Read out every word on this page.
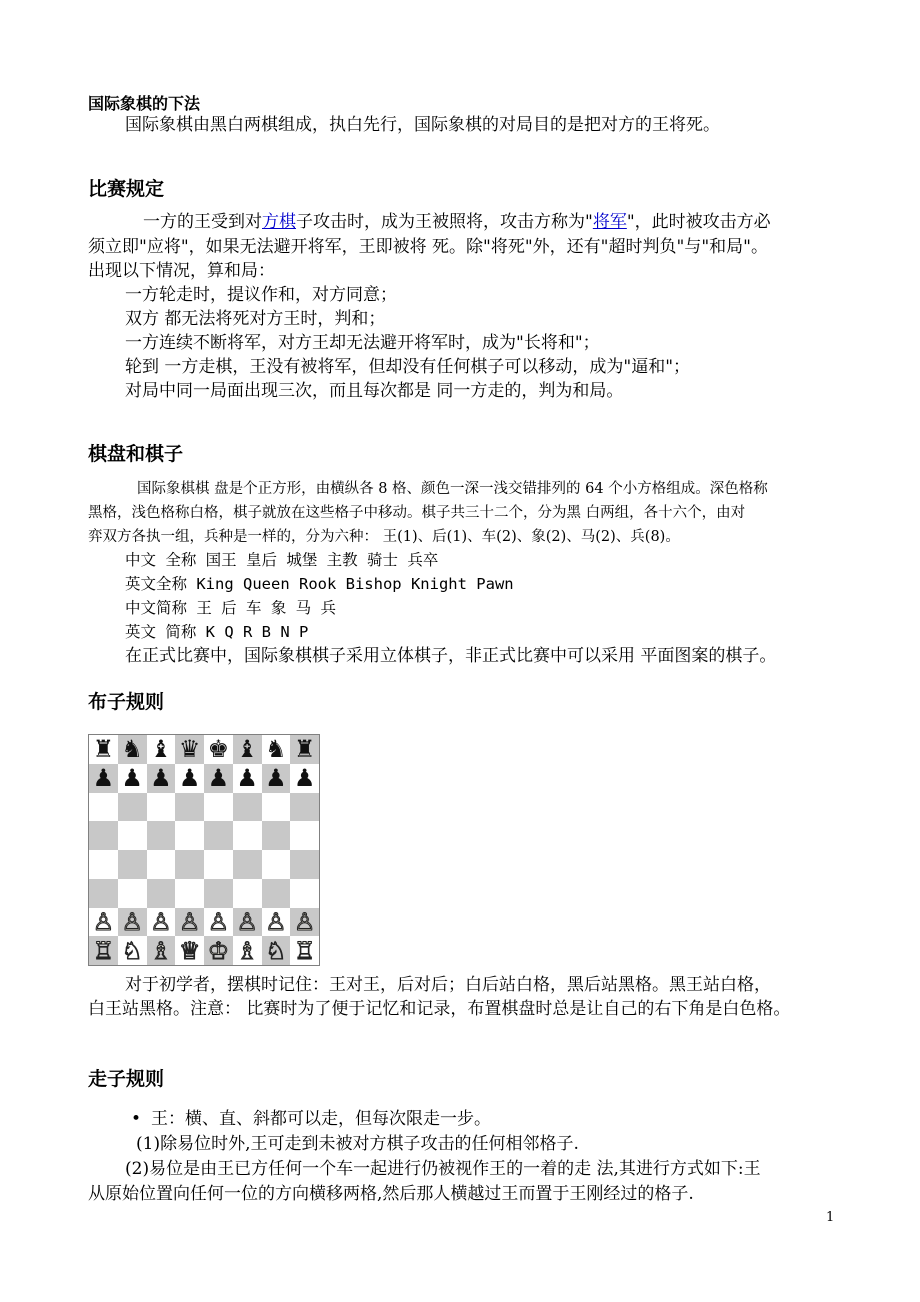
国际象棋的下法
国际象棋由黑白两棋组成，执白先行，国际象棋的对局目的是把对方的王将死。
比赛规定
一方的王受到对方棋子攻击时，成为王被照将，攻击方称为"将军"，此时被攻击方必
须立即"应将"，如果无法避开将军，王即被将 死。除"将死"外，还有"超时判负"与"和局"。
出现以下情况，算和局：
一方轮走时，提议作和，对方同意；
双方 都无法将死对方王时，判和；
一方连续不断将军，对方王却无法避开将军时，成为"长将和"；
轮到 一方走棋，王没有被将军，但却没有任何棋子可以移动，成为"逼和"；
对局中同一局面出现三次，而且每次都是 同一方走的，判为和局。
棋盘和棋子
国际象棋棋 盘是个正方形，由横纵各 8 格、颜色一深一浅交错排列的 64 个小方格组成。深色格称
黑格，浅色格称白格，棋子就放在这些格子中移动。棋子共三十二个，分为黑 白两组，各十六个，由对
弈双方各执一组，兵种是一样的，分为六种： 王(1)、后(1)、车(2)、象(2)、马(2)、兵(8)。
中文 全称 国王 皇后 城堡 主教 骑士 兵卒
英文全称 King Queen Rook Bishop Knight Pawn
中文简称 王 后 车 象 马 兵
英文 简称 K Q R B N P
在正式比赛中，国际象棋棋子采用立体棋子，非正式比赛中可以采用 平面图案的棋子。
布子规则
♜ ♞ ♝ ♛ ♚ ♝ ♞ ♜
♟ ♟ ♟ ♟ ♟ ♟ ♟ ♟
♙ ♙ ♙ ♙ ♙ ♙ ♙ ♙
♖ ♘ ♗ ♕ ♔ ♗ ♘ ♖
对于初学者，摆棋时记住：王对王，后对后；白后站白格，黑后站黑格。黑王站白格，
白王站黑格。注意： 比赛时为了便于记忆和记录，布置棋盘时总是让自己的右下角是白色格。
走子规则
• 王：横、直、斜都可以走，但每次限走一步。
(1)除易位时外,王可走到未被对方棋子攻击的任何相邻格子.
(2)易位是由王已方任何一个车一起进行仍被视作王的一着的走 法,其进行方式如下:王
从原始位置向任何一位的方向横移两格,然后那人横越过王而置于王刚经过的格子.
1
